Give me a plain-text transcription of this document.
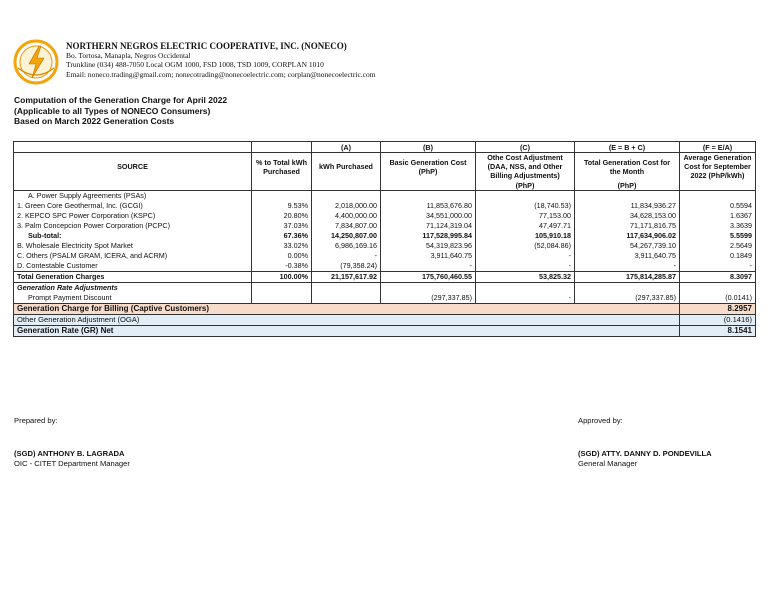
NORTHERN NEGROS ELECTRIC COOPERATIVE, INC. (NONECO)
Bo. Tortosa, Manapla, Negros Occidental
Trunkline (034) 488-7050 Local OGM 1000, FSD 1008, TSD 1009, CORPLAN 1010
Email: noneco.trading@gmail.com; nonecotrading@nonecoelectric.com; corplan@nonecoelectric.com
Computation of the Generation Charge for April 2022
(Applicable to all Types of NONECO Consumers)
Based on March 2022 Generation Costs
		(A)	(B)	(C)	(E = B + C)	(F = E/A)
SOURCE	% to Total kWh Purchased	kWh Purchased	Basic Generation Cost (PhP)	Othe Cost Adjustment (DAA, NSS, and Other Billing Adjustments)	Total Generation Cost for the Month	Average Generation Cost for September 2022 (PhP/kWh)
				(PhP)	(PhP)	
A. Power Supply Agreements (PSAs)						
1. Green Core Geothermal, Inc. (GCGI)	9.53%	2,018,000.00	11,853,676.80	(18,740.53)	11,834,936.27	0.5594
2. KEPCO SPC Power Corporation (KSPC)	20.80%	4,400,000.00	34,551,000.00	77,153.00	34,628,153.00	1.6367
3. Palm Concepcion Power Corporation (PCPC)	37.03%	7,834,807.00	71,124,319.04	47,497.71	71,171,816.75	3.3639
Sub-total:	67.36%	14,250,807.00	117,528,995.84	105,910.18	117,634,906.02	5.5599
B. Wholesale Electricity Spot Market	33.02%	6,986,169.16	54,319,823.96	(52,084.86)	54,267,739.10	2.5649
C. Others (PSALM GRAM, ICERA, and ACRM)	0.00%	-	3,911,640.75	-	3,911,640.75	0.1849
D. Contestable Customer	-0.38%	(79,358.24)	-	-	-	-
Total Generation Charges	100.00%	21,157,617.92	175,760,460.55	53,825.32	175,814,285.87	8.3097
Generation Rate Adjustments						
Prompt Payment Discount			(297,337.85)	-	(297,337.85)	(0.0141)
Generation Charge for Billing (Captive Customers)						8.2957
Other Generation Adjustment (OGA)						(0.1416)
Generation Rate (GR) Net						8.1541
Prepared by:
(SGD) ANTHONY B. LAGRADA
OIC - CITET Department Manager
Approved by:
(SGD) ATTY. DANNY D. PONDEVILLA
General Manager
